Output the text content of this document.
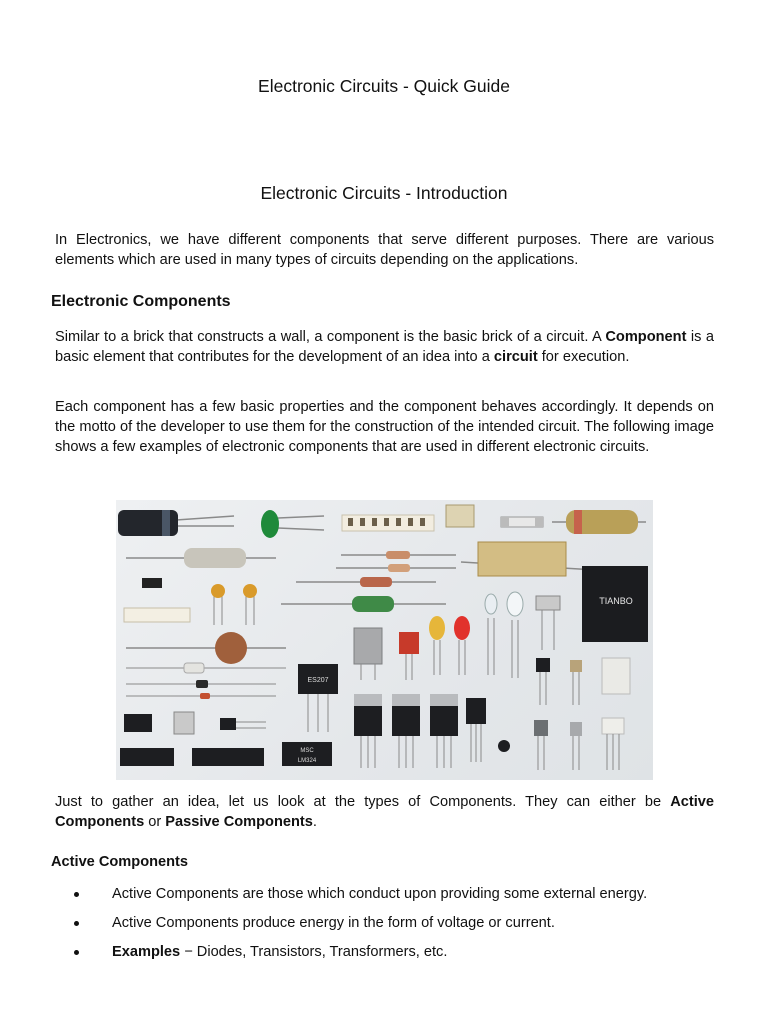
Electronic Circuits - Quick Guide
Electronic Circuits - Introduction

In Electronics, we have different components that serve different purposes. There are various elements which are used in many types of circuits depending on the applications.

Electronic Components

Similar to a brick that constructs a wall, a component is the basic brick of a circuit. A Component is a basic element that contributes for the development of an idea into a circuit for execution.

Each component has a few basic properties and the component behaves accordingly. It depends on the motto of the developer to use them for the construction of the intended circuit. The following image shows a few examples of electronic components that are used in different electronic circuits.

TIANBO
ES207
MSC
LM324

Just to gather an idea, let us look at the types of Components. They can either be Active Components or Passive Components.

Active Components
Active Components are those which conduct upon providing some external energy.
Active Components produce energy in the form of voltage or current.
Examples − Diodes, Transistors, Transformers, etc.
